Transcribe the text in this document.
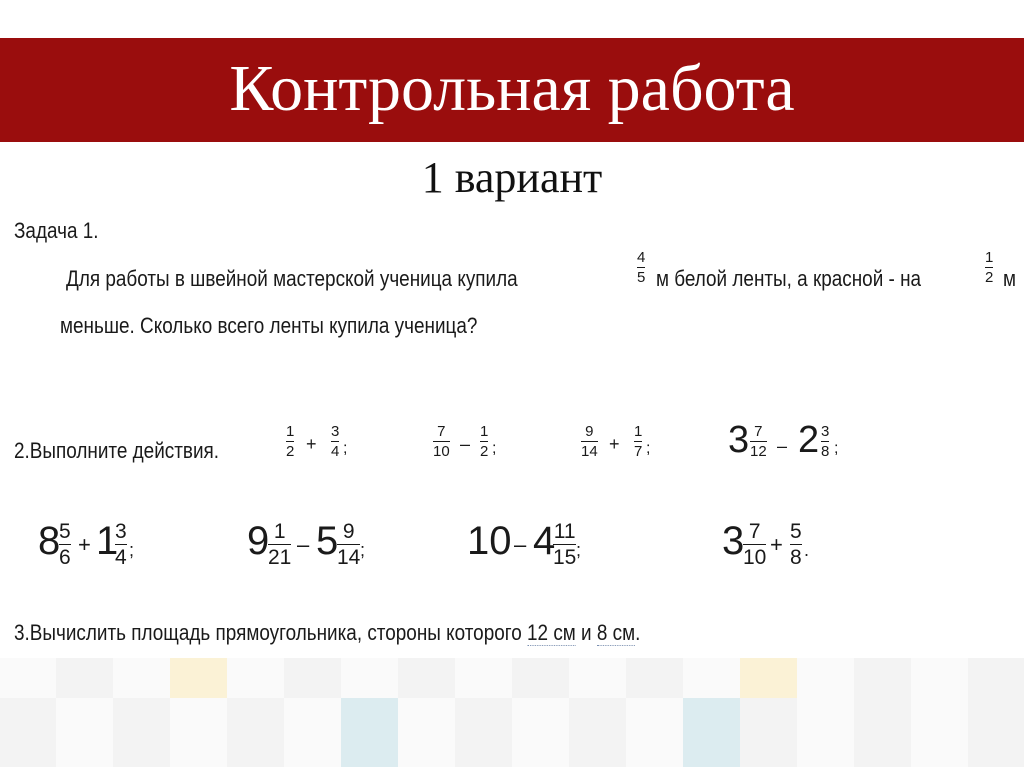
Контрольная работа
1 вариант
Задача 1.
Для работы в швейной мастерской ученица купила
4
5 м белой ленты, а красной - на
1
2 м
меньше. Сколько всего ленты купила ученица?
2.Выполните действия.
1
2 +
3
4 ;
7
10 –
1
2 ;
9
14 +
1
7 ; 3 7
12 – 2 3
8 ;
8
5
6
+ 1
3
4 ;	9 1
21
– 5 9
14 ;	10 – 4
11
15 ;	3 7
10
+
5
8 .
3.Вычислить площадь прямоугольника, стороны которого 12 см и 8 см.
